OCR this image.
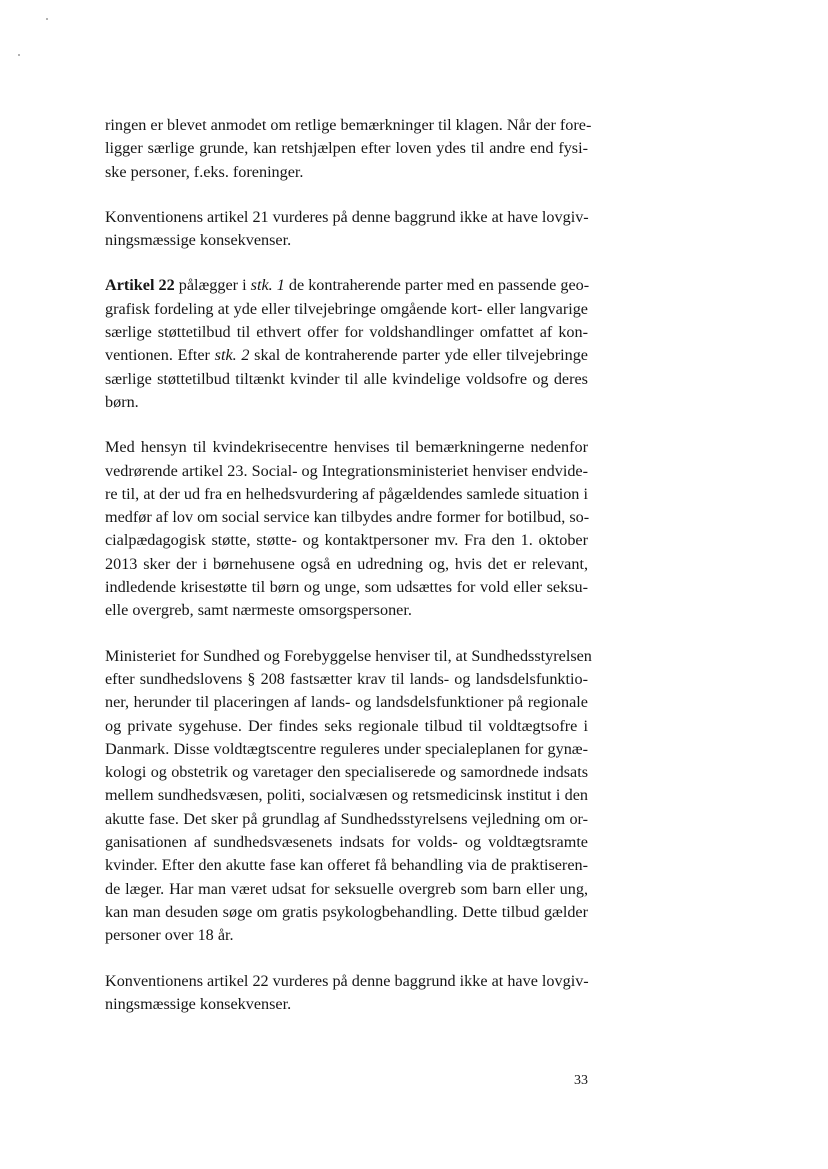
ringen er blevet anmodet om retlige bemærkninger til klagen. Når der fore-
ligger særlige grunde, kan retshjælpen efter loven ydes til andre end fysi-
ske personer, f.eks. foreninger.

Konventionens artikel 21 vurderes på denne baggrund ikke at have lovgiv-
ningsmæssige konsekvenser.

Artikel 22 pålægger i stk. 1 de kontraherende parter med en passende geo-
grafisk fordeling at yde eller tilvejebringe omgående kort- eller langvarige
særlige støttetilbud til ethvert offer for voldshandlinger omfattet af kon-
ventionen. Efter stk. 2 skal de kontraherende parter yde eller tilvejebringe
særlige støttetilbud tiltænkt kvinder til alle kvindelige voldsofre og deres
børn.

Med hensyn til kvindekrisecentre henvises til bemærkningerne nedenfor
vedrørende artikel 23. Social- og Integrationsministeriet henviser endvide-
re til, at der ud fra en helhedsvurdering af pågældendes samlede situation i
medfør af lov om social service kan tilbydes andre former for botilbud, so-
cialpædagogisk støtte, støtte- og kontaktpersoner mv. Fra den 1. oktober
2013 sker der i børnehusene også en udredning og, hvis det er relevant,
indledende krisestøtte til børn og unge, som udsættes for vold eller seksu-
elle overgreb, samt nærmeste omsorgspersoner.

Ministeriet for Sundhed og Forebyggelse henviser til, at Sundhedsstyrelsen
efter sundhedslovens § 208 fastsætter krav til lands- og landsdelsfunktio-
ner, herunder til placeringen af lands- og landsdelsfunktioner på regionale
og private sygehuse. Der findes seks regionale tilbud til voldtægtsofre i
Danmark. Disse voldtægtscentre reguleres under specialeplanen for gynæ-
kologi og obstetrik og varetager den specialiserede og samordnede indsats
mellem sundhedsvæsen, politi, socialvæsen og retsmedicinsk institut i den
akutte fase. Det sker på grundlag af Sundhedsstyrelsens vejledning om or-
ganisationen af sundhedsvæsenets indsats for volds- og voldtægtsramte
kvinder. Efter den akutte fase kan offeret få behandling via de praktiseren-
de læger. Har man været udsat for seksuelle overgreb som barn eller ung,
kan man desuden søge om gratis psykologbehandling. Dette tilbud gælder
personer over 18 år.

Konventionens artikel 22 vurderes på denne baggrund ikke at have lovgiv-
ningsmæssige konsekvenser.

33
